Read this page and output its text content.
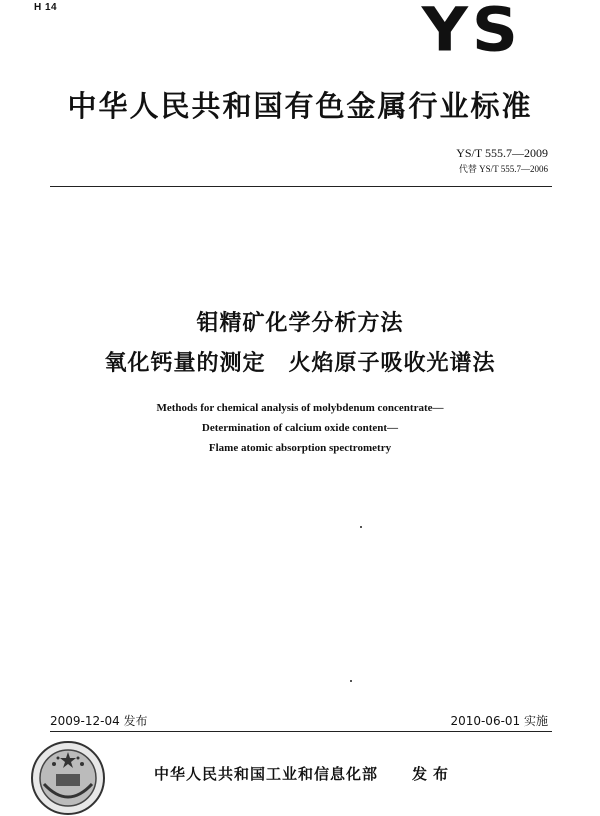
H 14	YS
中华人民共和国有色金属行业标准
YS/T 555.7—2009
代替 YS/T 555.7—2006
钼精矿化学分析方法
氧化钙量的测定　火焰原子吸收光谱法
Methods for chemical analysis of molybdenum concentrate—
Determination of calcium oxide content—
Flame atomic absorption spectrometry
2009-12-04 发布	2010-06-01 实施
中华人民共和国工业和信息化部 发布
